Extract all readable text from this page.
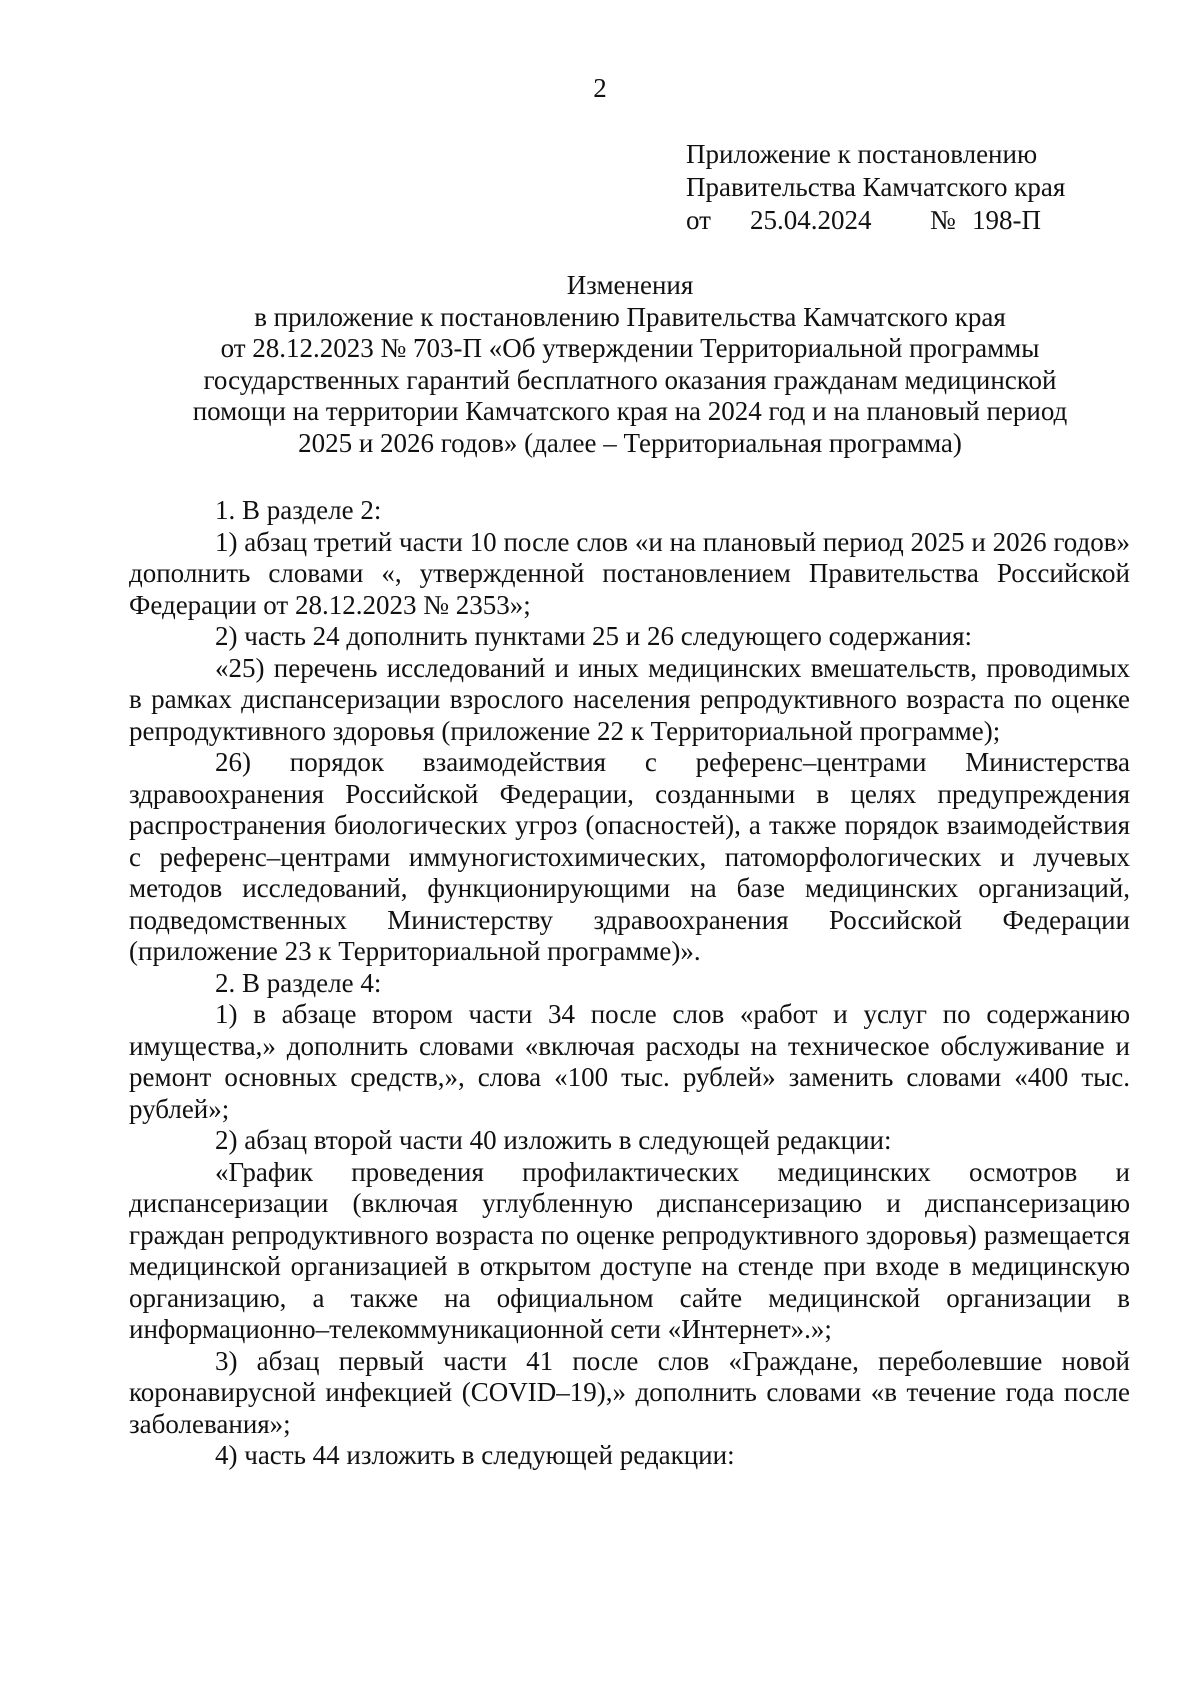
2
Приложение к постановлению
Правительства Камчатского края
от 25.04.2024 № 198-П
Изменения
в приложение к постановлению Правительства Камчатского края
от 28.12.2023 № 703-П «Об утверждении Территориальной программы
государственных гарантий бесплатного оказания гражданам медицинской
помощи на территории Камчатского края на 2024 год и на плановый период
2025 и 2026 годов» (далее – Территориальная программа)

1. В разделе 2:

1) абзац третий части 10 после слов «и на плановый период 2025 и 2026 годов» дополнить словами «, утвержденной постановлением Правительства Российской Федерации от 28.12.2023 № 2353»;

2) часть 24 дополнить пунктами 25 и 26 следующего содержания:

«25) перечень исследований и иных медицинских вмешательств, проводимых в рамках диспансеризации взрослого населения репродуктивного возраста по оценке репродуктивного здоровья (приложение 22 к Территориальной программе);

26) порядок взаимодействия с референс–центрами Министерства здравоохранения Российской Федерации, созданными в целях предупреждения распространения биологических угроз (опасностей), а также порядок взаимодействия с референс–центрами иммуногистохимических, патоморфологических и лучевых методов исследований, функционирующими на базе медицинских организаций, подведомственных Министерству здравоохранения Российской Федерации (приложение 23 к Территориальной программе)».

2. В разделе 4:

1) в абзаце втором части 34 после слов «работ и услуг по содержанию имущества,» дополнить словами «включая расходы на техническое обслуживание и ремонт основных средств,», слова «100 тыс. рублей» заменить словами «400 тыс. рублей»;

2) абзац второй части 40 изложить в следующей редакции:

«График проведения профилактических медицинских осмотров и диспансеризации (включая углубленную диспансеризацию и диспансеризацию граждан репродуктивного возраста по оценке репродуктивного здоровья) размещается медицинской организацией в открытом доступе на стенде при входе в медицинскую организацию, а также на официальном сайте медицинской организации в информационно–телекоммуникационной сети «Интернет».»;

3) абзац первый части 41 после слов «Граждане, переболевшие новой коронавирусной инфекцией (COVID–19),» дополнить словами «в течение года после заболевания»;

4) часть 44 изложить в следующей редакции:
